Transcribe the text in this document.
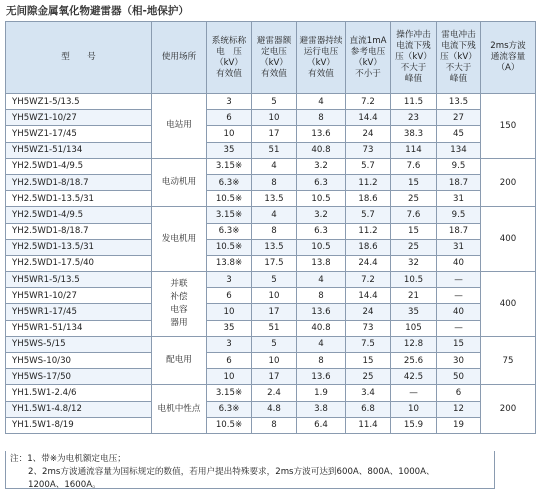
无间隙金属氧化物避雷器（相-地保护）
型　　号	使用场所	系统标称
电　压
（kV）
有效值	避雷器额
定电压
（kV）
有效值	避雷器持续
运行电压
（kV）
有效值	直流1mA
参考电压
（kV）
不小于	操作冲击
电流下残
压（kV）
不大于
峰值	雷电冲击
电流下残
压（kV）
不大于
峰值	2ms方波
通流容量
（A）

YH5WZ1-5/13.5	电站用	3	5	4	7.2	11.5	13.5	150
YH5WZ1-10/27		6	10	8	14.4	23	27	
YH5WZ1-17/45		10	17	13.6	24	38.3	45	
YH5WZ1-51/134		35	51	40.8	73	114	134	
YH2.5WD1-4/9.5	电动机用	3.15※	4	3.2	5.7	7.6	9.5	200
YH2.5WD1-8/18.7		6.3※	8	6.3	11.2	15	18.7	
YH2.5WD1-13.5/31		10.5※	13.5	10.5	18.6	25	31	
YH2.5WD1-4/9.5	发电机用	3.15※	4	3.2	5.7	7.6	9.5	400
YH2.5WD1-8/18.7		6.3※	8	6.3	11.2	15	18.7	
YH2.5WD1-13.5/31		10.5※	13.5	10.5	18.6	25	31	
YH2.5WD1-17.5/40		13.8※	17.5	13.8	24.4	32	40	
YH5WR1-5/13.5	并联
补偿
电容
器用	3	5	4	7.2	10.5	—	400
YH5WR1-10/27		6	10	8	14.4	21	—	
YH5WR1-17/45		10	17	13.6	24	35	40	
YH5WR1-51/134		35	51	40.8	73	105	—	
YH5WS-5/15	配电用	3	5	4	7.5	12.8	15	75
YH5WS-10/30		6	10	8	15	25.6	30	
YH5WS-17/50		10	17	13.6	25	42.5	50	
YH1.5W1-2.4/6	电机中性点	3.15※	2.4	1.9	3.4	—	6	200
YH1.5W1-4.8/12		6.3※	4.8	3.8	6.8	10	12	
YH1.5W1-8/19		10.5※	8	6.4	11.4	15.9	19	
注：1、带※为电机额定电压；
2、2ms方波通流容量为国标规定的数值，若用户提出特殊要求，2ms方波可达到600A、800A、1000A、
1200A、1600A。
